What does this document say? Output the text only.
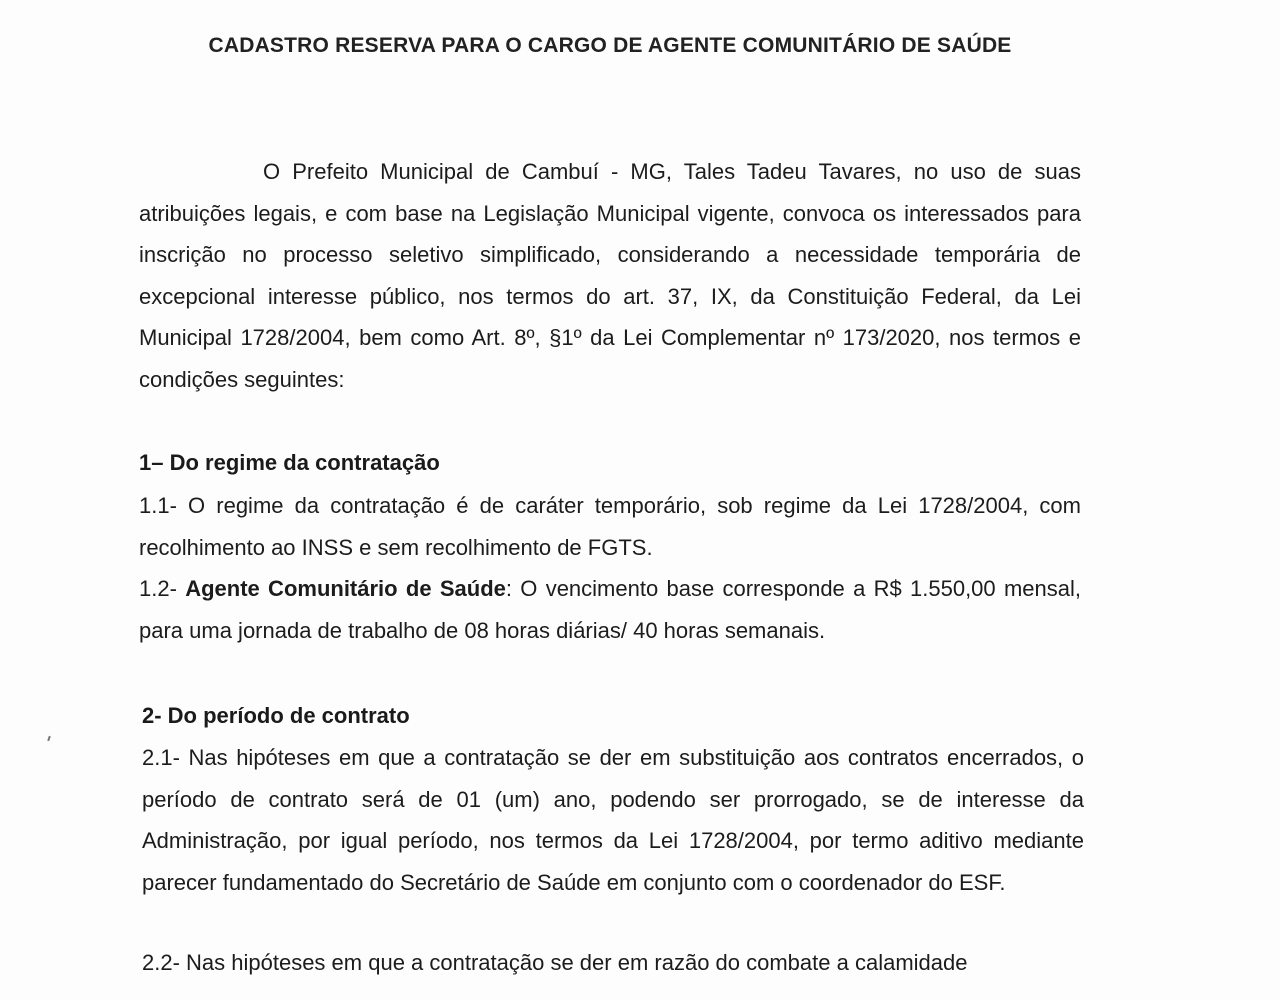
CADASTRO RESERVA PARA O CARGO DE AGENTE COMUNITÁRIO DE SAÚDE
O Prefeito Municipal de Cambuí - MG, Tales Tadeu Tavares, no uso de suas atribuições legais, e com base na Legislação Municipal vigente, convoca os interessados para inscrição no processo seletivo simplificado, considerando a necessidade temporária de excepcional interesse público, nos termos do art. 37, IX, da Constituição Federal, da Lei Municipal 1728/2004, bem como Art. 8º, §1º da Lei Complementar nº 173/2020, nos termos e condições seguintes:
1– Do regime da contratação
1.1- O regime da contratação é de caráter temporário, sob regime da Lei 1728/2004, com recolhimento ao INSS e sem recolhimento de FGTS.
1.2- Agente Comunitário de Saúde: O vencimento base corresponde a R$ 1.550,00 mensal, para uma jornada de trabalho de 08 horas diárias/ 40 horas semanais.
2- Do período de contrato
2.1- Nas hipóteses em que a contratação se der em substituição aos contratos encerrados, o período de contrato será de 01 (um) ano, podendo ser prorrogado, se de interesse da Administração, por igual período, nos termos da Lei 1728/2004, por termo aditivo mediante parecer fundamentado do Secretário de Saúde em conjunto com o coordenador do ESF.
2.2- Nas hipóteses em que a contratação se der em razão do combate a calamidade
